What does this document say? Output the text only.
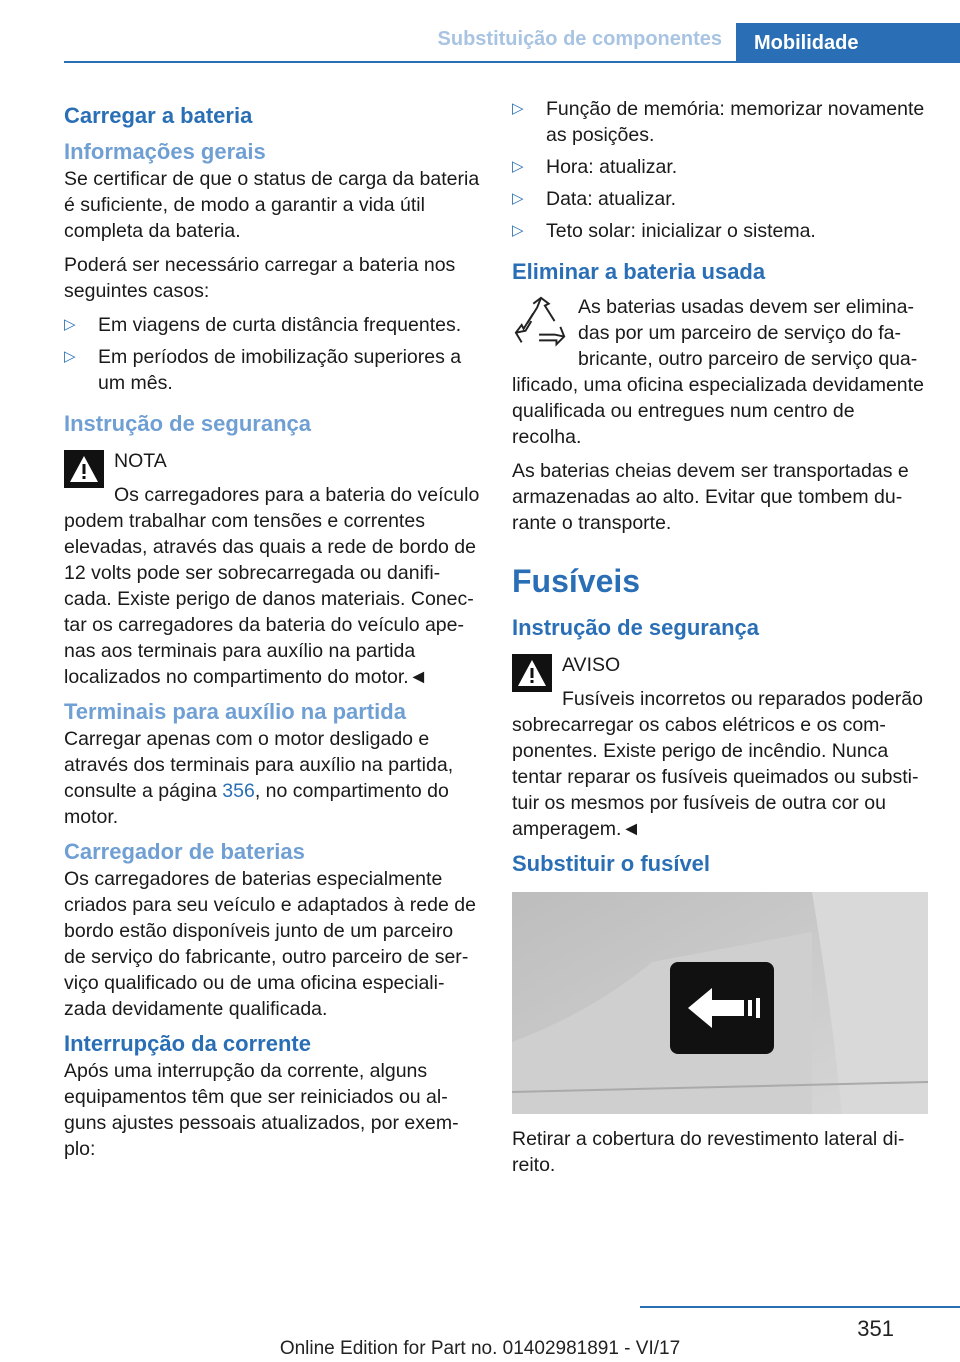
Substituição de componentes	Mobilidade
Carregar a bateria
Informações gerais

Se certificar de que o status de carga da bateria é suficiente, de modo a garantir a vida útil completa da bateria.

Poderá ser necessário carregar a bateria nos seguintes casos:

▷ Em viagens de curta distância frequentes.
▷ Em períodos de imobilização superiores a um mês.
Instrução de segurança
NOTA
Os carregadores para a bateria do veículo podem trabalhar com tensões e correntes elevadas, através das quais a rede de bordo de 12 volts pode ser sobrecarregada ou danificada. Existe perigo de danos materiais. Conectar os carregadores da bateria do veículo apenas aos terminais para auxílio na partida localizados no compartimento do motor.◄
Terminais para auxílio na partida

Carregar apenas com o motor desligado e através dos terminais para auxílio na partida, consulte a página 356, no compartimento do motor.

Carregador de baterias

Os carregadores de baterias especialmente criados para seu veículo e adaptados à rede de bordo estão disponíveis junto de um parceiro de serviço do fabricante, outro parceiro de serviço qualificado ou de uma oficina especializada devidamente qualificada.

Interrupção da corrente

Após uma interrupção da corrente, alguns equipamentos têm que ser reiniciados ou alguns ajustes pessoais atualizados, por exemplo:

▷ Função de memória: memorizar novamente as posições.
▷ Hora: atualizar.
▷ Data: atualizar.
▷ Teto solar: inicializar o sistema.
Eliminar a bateria usada

As baterias usadas devem ser eliminadas por um parceiro de serviço do fabricante, outro parceiro de serviço qualificado, uma oficina especializada devidamente qualificada ou entregues num centro de recolha.

As baterias cheias devem ser transportadas e armazenadas ao alto. Evitar que tombem durante o transporte.

Fusíveis
Instrução de segurança
AVISO
Fusíveis incorretos ou reparados poderão sobrecarregar os cabos elétricos e os componentes. Existe perigo de incêndio. Nunca tentar reparar os fusíveis queimados ou substituir os mesmos por fusíveis de outra cor ou amperagem.◄
Substituir o fusível

Retirar a cobertura do revestimento lateral direito.

351
Online Edition for Part no. 01402981891 - VI/17
